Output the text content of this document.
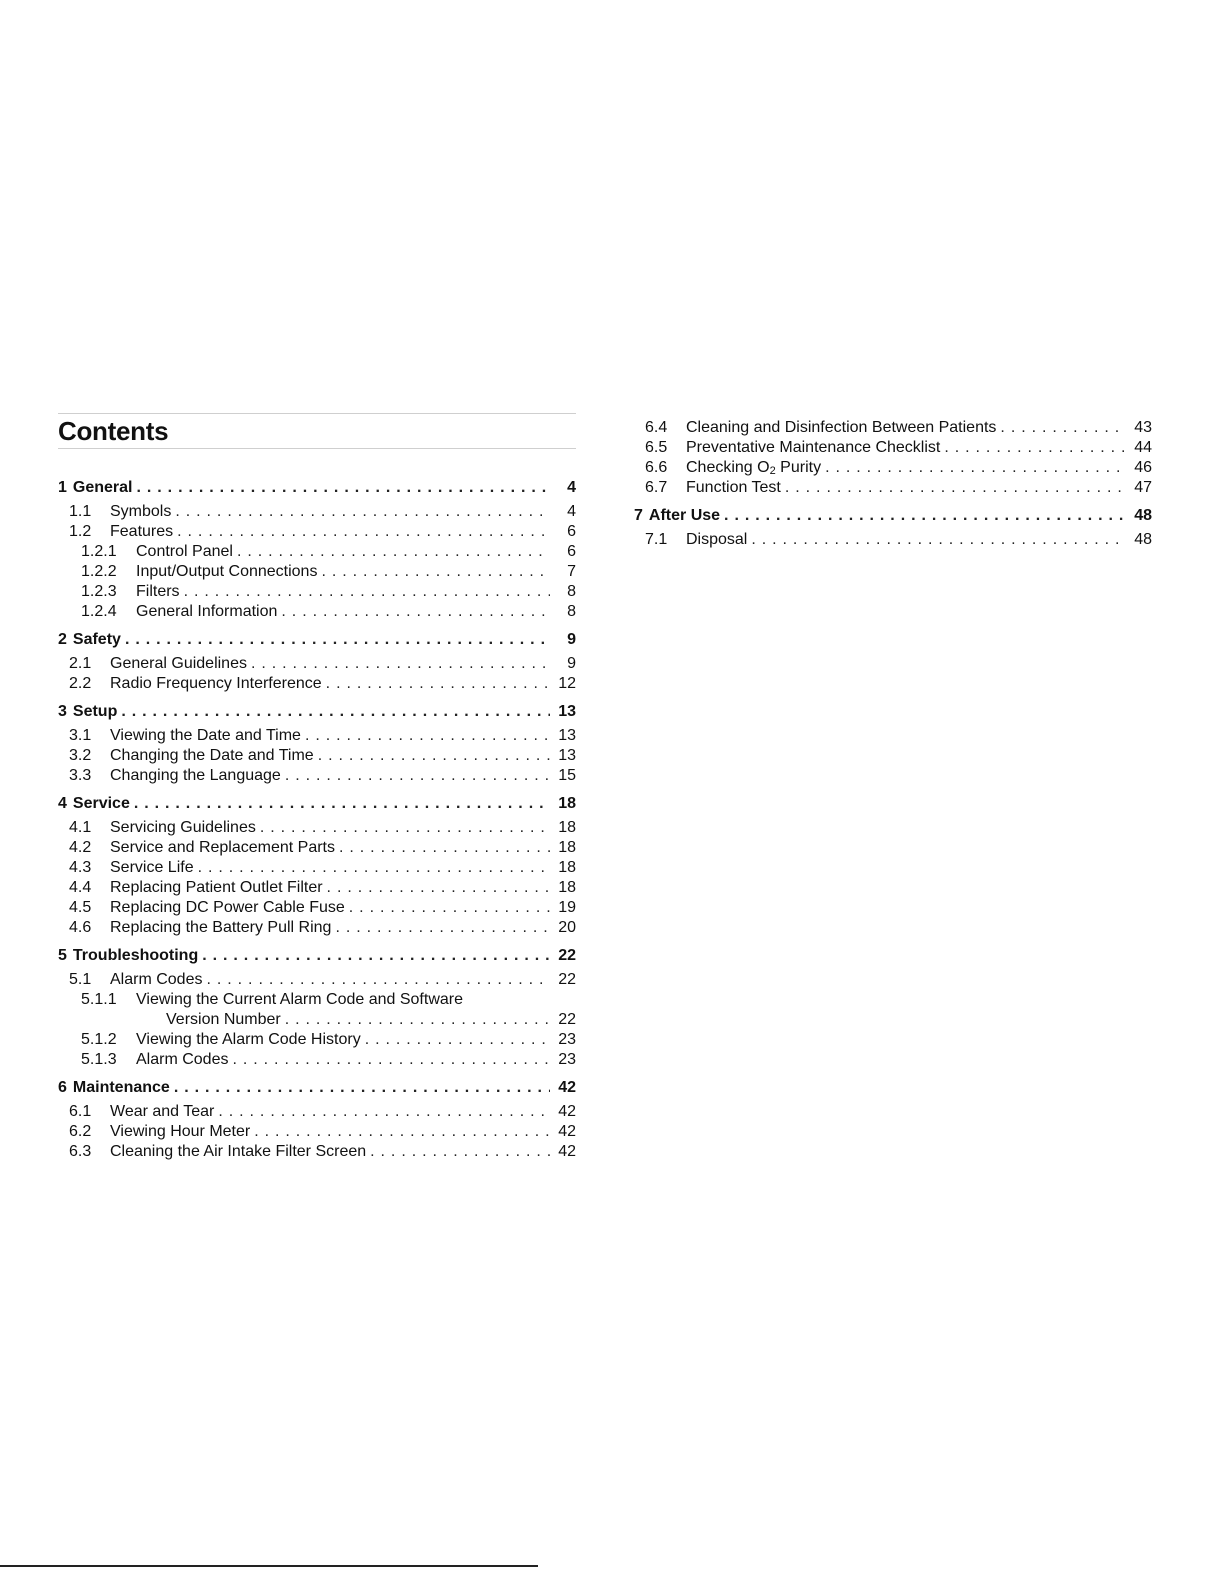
Contents
1 General . . .	4
1.1	Symbols . . .	4
1.2	Features . . .	6
1.2.1	Control Panel . . .	6
1.2.2	Input/Output Connections . . .	7
1.2.3	Filters . . .	8
1.2.4	General Information . . .	8
2 Safety . . .	9
2.1	General Guidelines . . .	9
2.2	Radio Frequency Interference . . .	12
3 Setup . . .	13
3.1	Viewing the Date and Time . . .	13
3.2	Changing the Date and Time . . .	13
3.3	Changing the Language . . .	15
4 Service . . .	18
4.1	Servicing Guidelines . . .	18
4.2	Service and Replacement Parts . . .	18
4.3	Service Life . . .	18
4.4	Replacing Patient Outlet Filter . . .	18
4.5	Replacing DC Power Cable Fuse . . .	19
4.6	Replacing the Battery Pull Ring . . .	20
5 Troubleshooting . . .	22
5.1	Alarm Codes . . .	22
5.1.1	Viewing the Current Alarm Code and Software
Version Number . . .	22
5.1.2	Viewing the Alarm Code History . . .	23
5.1.3	Alarm Codes . . .	23
6 Maintenance . . .	42
6.1	Wear and Tear . . .	42
6.2	Viewing Hour Meter . . .	42
6.3	Cleaning the Air Intake Filter Screen . . .	42
6.4	Cleaning and Disinfection Between Patients . . .	43
6.5	Preventative Maintenance Checklist . . .	44
6.6	Checking $O_2$ Purity . . .	46
6.7	Function Test . . .	47
7 After Use . . .	48
7.1	Disposal . . .	48
